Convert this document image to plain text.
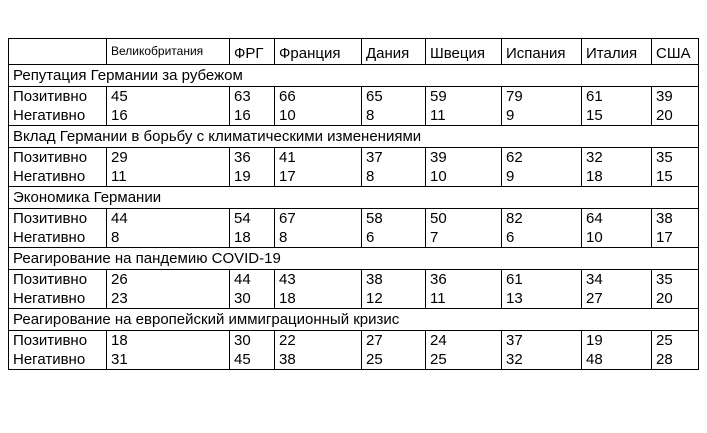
	Великобритания	ФРГ	Франция	Дания	Швеция	Испания	Италия	США
Репутация Германии за рубежом								
Позитивно	45	63	66	65	59	79	61	39
Негативно	16	16	10	8	11	9	15	20
Вклад Германии в борьбу с климатическими изменениями								
Позитивно	29	36	41	37	39	62	32	35
Негативно	11	19	17	8	10	9	18	15
Экономика Германии								
Позитивно	44	54	67	58	50	82	64	38
Негативно	8	18	8	6	7	6	10	17
Реагирование на пандемию COVID-19								
Позитивно	26	44	43	38	36	61	34	35
Негативно	23	30	18	12	11	13	27	20
Реагирование на европейский иммиграционный кризис								
Позитивно	18	30	22	27	24	37	19	25
Негативно	31	45	38	25	25	32	48	28
